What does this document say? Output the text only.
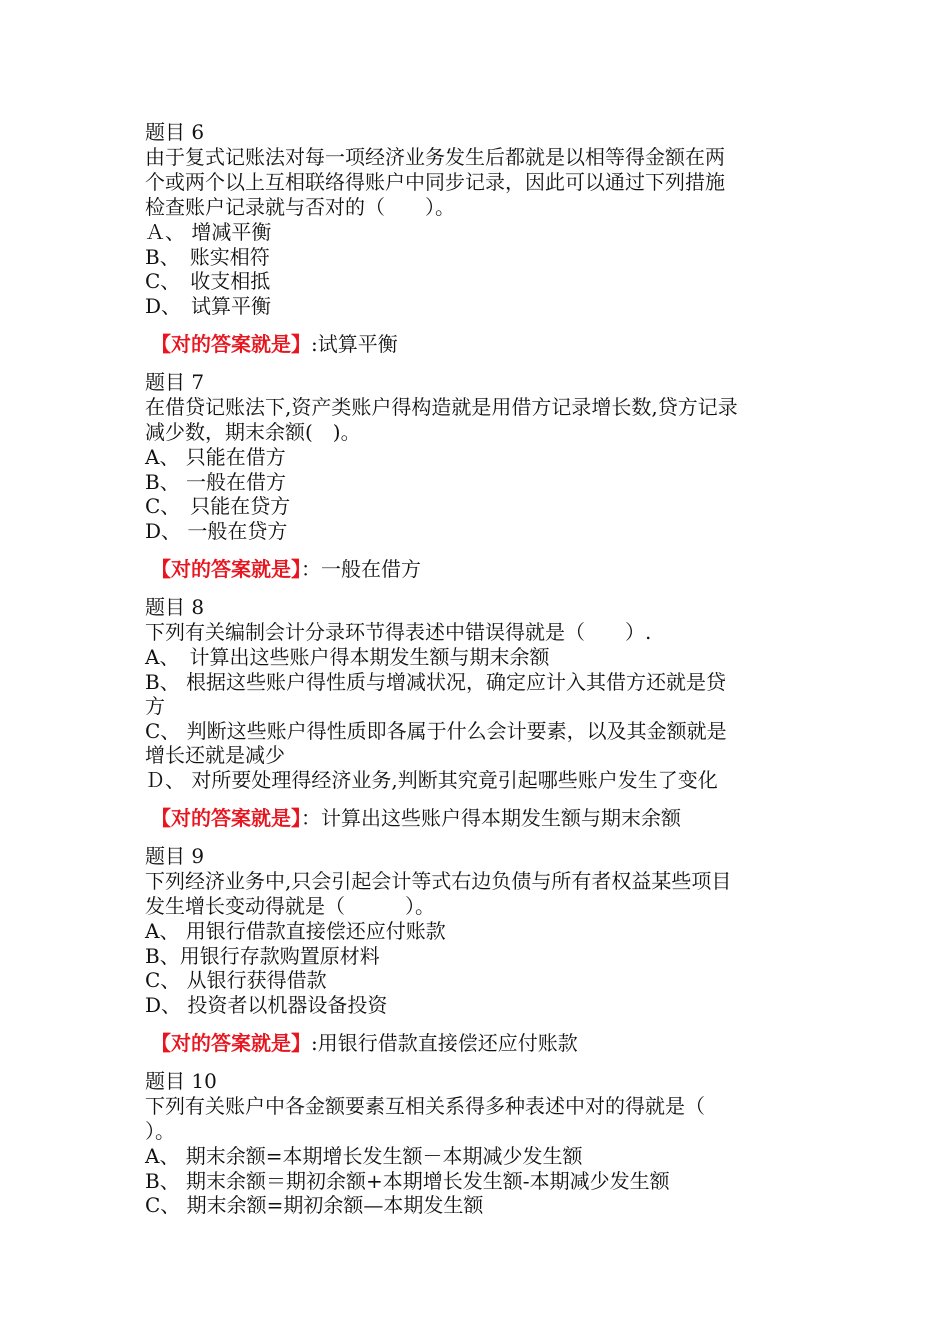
题目 6
由于复式记账法对每一项经济业务发生后都就是以相等得金额在两
个或两个以上互相联络得账户中同步记录，因此可以通过下列措施
检查账户记录就与否对的（　　）。
Ａ、 增减平衡
B、　账实相符
C、　收支相抵
D、　试算平衡
【对的答案就是】:试算平衡
题目 7
在借贷记账法下,资产类账户得构造就是用借方记录增长数,贷方记录
减少数，期末余额(　)。
A、 只能在借方
B、 一般在借方
C、　只能在贷方
D、 一般在贷方
【对的答案就是】：一般在借方
题目 8
下列有关编制会计分录环节得表述中错误得就是（　　）.
A、　计算出这些账户得本期发生额与期末余额
B、 根据这些账户得性质与增减状况，确定应计入其借方还就是贷
方
C、 判断这些账户得性质即各属于什么会计要素，以及其金额就是
增长还就是减少
Ｄ、 对所要处理得经济业务,判断其究竟引起哪些账户发生了变化
【对的答案就是】：计算出这些账户得本期发生额与期末余额
题目 9
下列经济业务中,只会引起会计等式右边负债与所有者权益某些项目
发生增长变动得就是（　　　）。
A、 用银行借款直接偿还应付账款
B、用银行存款购置原材料
C、 从银行获得借款
D、 投资者以机器设备投资
【对的答案就是】:用银行借款直接偿还应付账款
题目 10
下列有关账户中各金额要素互相关系得多种表述中对的得就是（
）。
A、 期末余额=本期增长发生额－本期减少发生额
B、 期末余额＝期初余额+本期增长发生额-本期减少发生额
C、 期末余额=期初余额—本期发生额
